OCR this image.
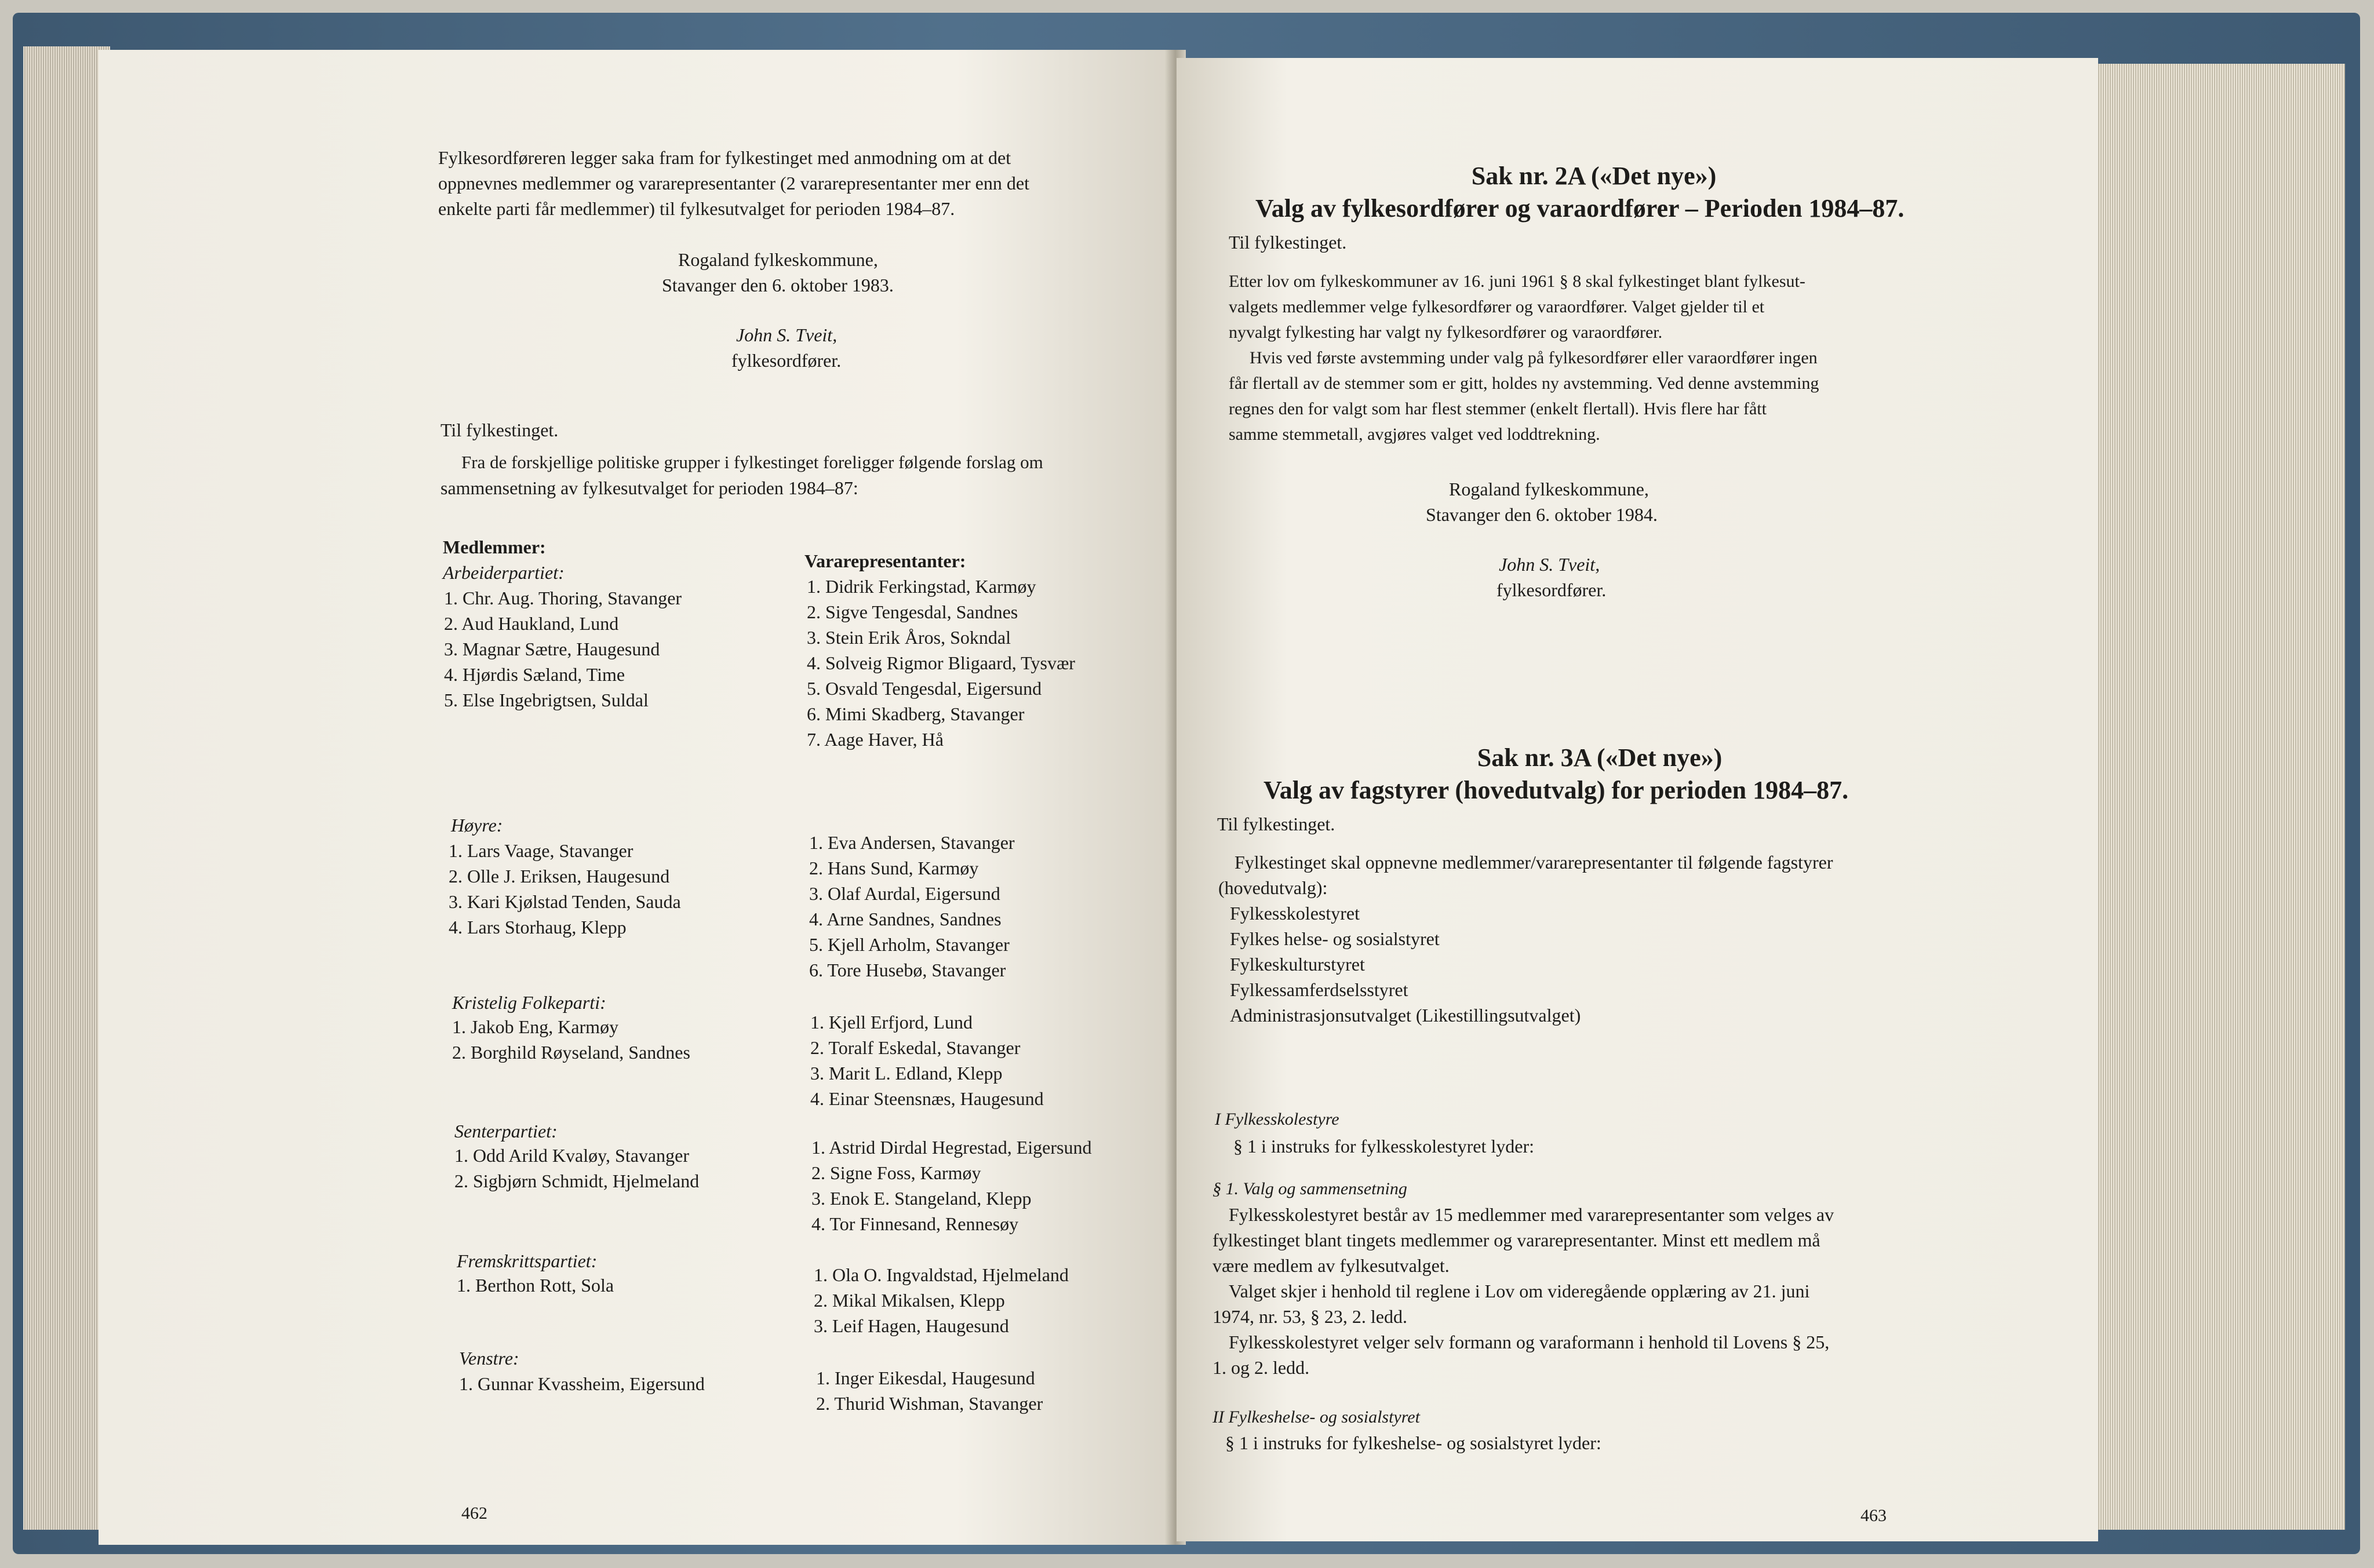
Fylkesordføreren legger saka fram for fylkestinget med anmodning om at det
oppnevnes medlemmer og vararepresentanter (2 vararepresentanter mer enn det
enkelte parti får medlemmer) til fylkesutvalget for perioden 1984–87.
Rogaland fylkeskommune,
Stavanger den 6. oktober 1983.
John S. Tveit,
fylkesordfører.
Til fylkestinget.
Fra de forskjellige politiske grupper i fylkestinget foreligger følgende forslag om
sammensetning av fylkesutvalget for perioden 1984–87:
Medlemmer:
Vararepresentanter:
Arbeiderpartiet:
1. Chr. Aug. Thoring, Stavanger
2. Aud Haukland, Lund
3. Magnar Sætre, Haugesund
4. Hjørdis Sæland, Time
5. Else Ingebrigtsen, Suldal
1. Didrik Ferkingstad, Karmøy
2. Sigve Tengesdal, Sandnes
3. Stein Erik Åros, Sokndal
4. Solveig Rigmor Bligaard, Tysvær
5. Osvald Tengesdal, Eigersund
6. Mimi Skadberg, Stavanger
7. Aage Haver, Hå
Høyre:
1. Lars Vaage, Stavanger
2. Olle J. Eriksen, Haugesund
3. Kari Kjølstad Tenden, Sauda
4. Lars Storhaug, Klepp
1. Eva Andersen, Stavanger
2. Hans Sund, Karmøy
3. Olaf Aurdal, Eigersund
4. Arne Sandnes, Sandnes
5. Kjell Arholm, Stavanger
6. Tore Husebø, Stavanger
Kristelig Folkeparti:
1. Jakob Eng, Karmøy
2. Borghild Røyseland, Sandnes
1. Kjell Erfjord, Lund
2. Toralf Eskedal, Stavanger
3. Marit L. Edland, Klepp
4. Einar Steensnæs, Haugesund
Senterpartiet:
1. Odd Arild Kvaløy, Stavanger
2. Sigbjørn Schmidt, Hjelmeland
1. Astrid Dirdal Hegrestad, Eigersund
2. Signe Foss, Karmøy
3. Enok E. Stangeland, Klepp
4. Tor Finnesand, Rennesøy
Fremskrittspartiet:
1. Berthon Rott, Sola	1. Ola O. Ingvaldstad, Hjelmeland
2. Mikal Mikalsen, Klepp
3. Leif Hagen, Haugesund
Venstre:
1. Gunnar Kvassheim, Eigersund	1. Inger Eikesdal, Haugesund
2. Thurid Wishman, Stavanger
462
Sak nr. 2A («Det nye»)
Valg av fylkesordfører og varaordfører – Perioden 1984–87.
Til fylkestinget.
Etter lov om fylkeskommuner av 16. juni 1961 § 8 skal fylkestinget blant fylkesut-
valgets medlemmer velge fylkesordfører og varaordfører. Valget gjelder til et
nyvalgt fylkesting har valgt ny fylkesordfører og varaordfører.
Hvis ved første avstemming under valg på fylkesordfører eller varaordfører ingen
får flertall av de stemmer som er gitt, holdes ny avstemming. Ved denne avstemming
regnes den for valgt som har flest stemmer (enkelt flertall). Hvis flere har fått
samme stemmetall, avgjøres valget ved loddtrekning.
Rogaland fylkeskommune,
Stavanger den 6. oktober 1984.
John S. Tveit,
fylkesordfører.
Sak nr. 3A («Det nye»)
Valg av fagstyrer (hovedutvalg) for perioden 1984–87.
Til fylkestinget.
Fylkestinget skal oppnevne medlemmer/vararepresentanter til følgende fagstyrer
(hovedutvalg):
Fylkesskolestyret
Fylkes helse- og sosialstyret
Fylkeskulturstyret
Fylkessamferdselsstyret
Administrasjonsutvalget (Likestillingsutvalget)
I Fylkesskolestyre
§ 1 i instruks for fylkesskolestyret lyder:
§ 1. Valg og sammensetning
Fylkesskolestyret består av 15 medlemmer med vararepresentanter som velges av
fylkestinget blant tingets medlemmer og vararepresentanter. Minst ett medlem må
være medlem av fylkesutvalget.
Valget skjer i henhold til reglene i Lov om videregående opplæring av 21. juni
1974, nr. 53, § 23, 2. ledd.
Fylkesskolestyret velger selv formann og varaformann i henhold til Lovens § 25,
1. og 2. ledd.
II Fylkeshelse- og sosialstyret
§ 1 i instruks for fylkeshelse- og sosialstyret lyder:
463
